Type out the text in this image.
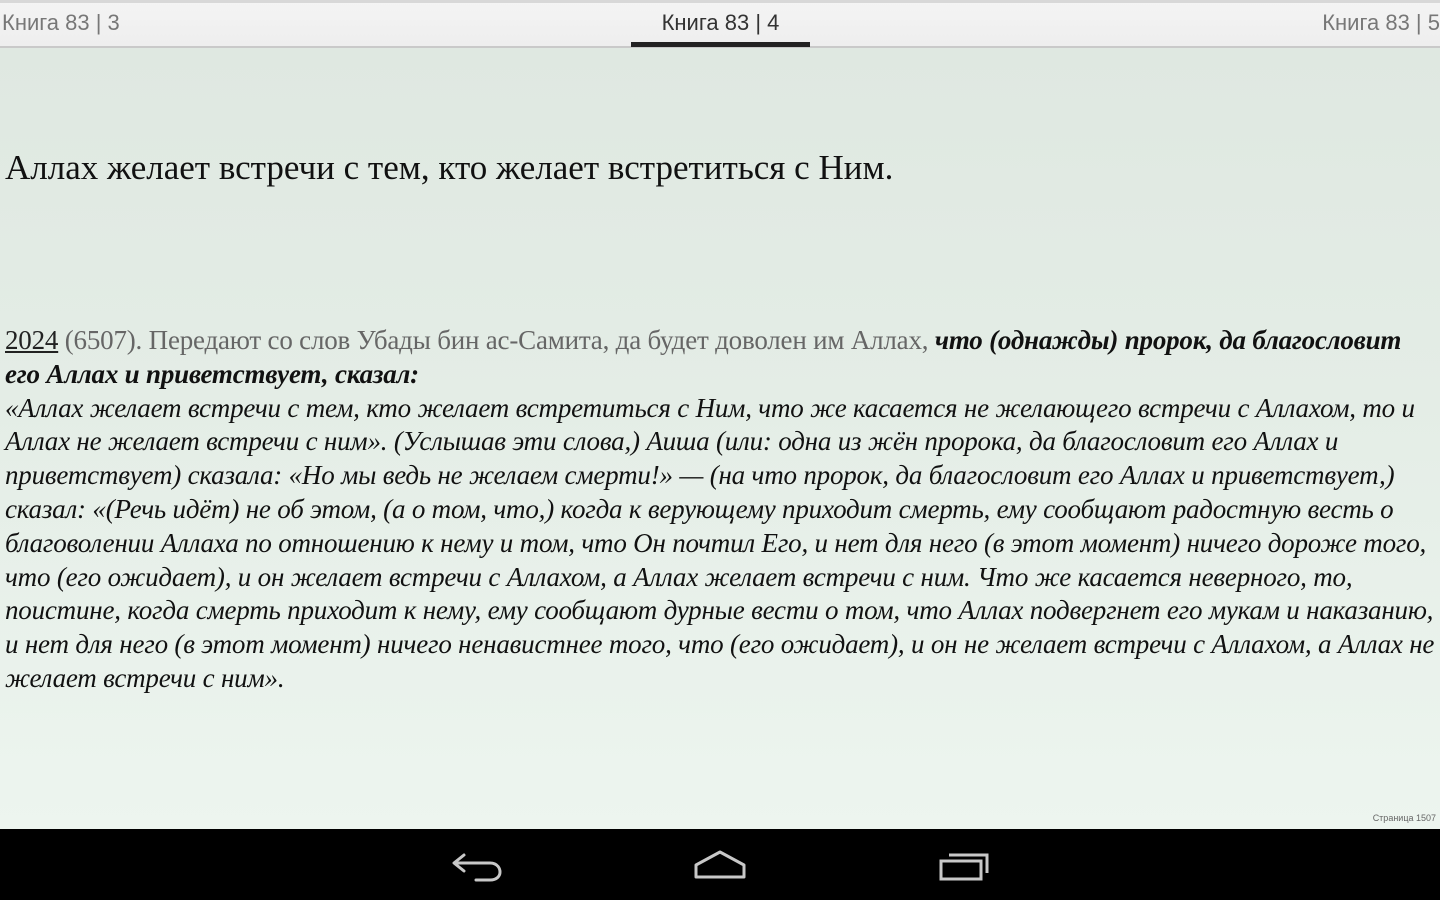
Книга 83 | 3	Книга 83 | 4	Книга 83 | 5
Аллах желает встречи с тем, кто желает встретиться с Ним.
2024 (6507). Передают со слов Убады бин ас-Самита, да будет доволен им Аллах, что (однажды) пророк, да благословит его Аллах и приветствует, сказал:
«Аллах желает встречи с тем, кто желает встретиться с Ним, что же касается не желающего встречи с Аллахом, то и Аллах не желает встречи с ним». (Услышав эти слова,) Аиша (или: одна из жён пророка, да благословит его Аллах и приветствует) сказала: «Но мы ведь не желаем смерти!» — (на что пророк, да благословит его Аллах и приветствует,) сказал: «(Речь идёт) не об этом, (а о том, что,) когда к верующему приходит смерть, ему сообщают радостную весть о благоволении Аллаха по отношению к нему и том, что Он почтил Его, и нет для него (в этот момент) ничего дороже того, что (его ожидает), и он желает встречи с Аллахом, а Аллах желает встречи с ним. Что же касается неверного, то, поистине, когда смерть приходит к нему, ему сообщают дурные вести о том, что Аллах подвергнет его мукам и наказанию, и нет для него (в этот момент) ничего ненавистнее того, что (его ожидает), и он не желает встречи с Аллахом, а Аллах не желает встречи с ним».
Страница 1507
